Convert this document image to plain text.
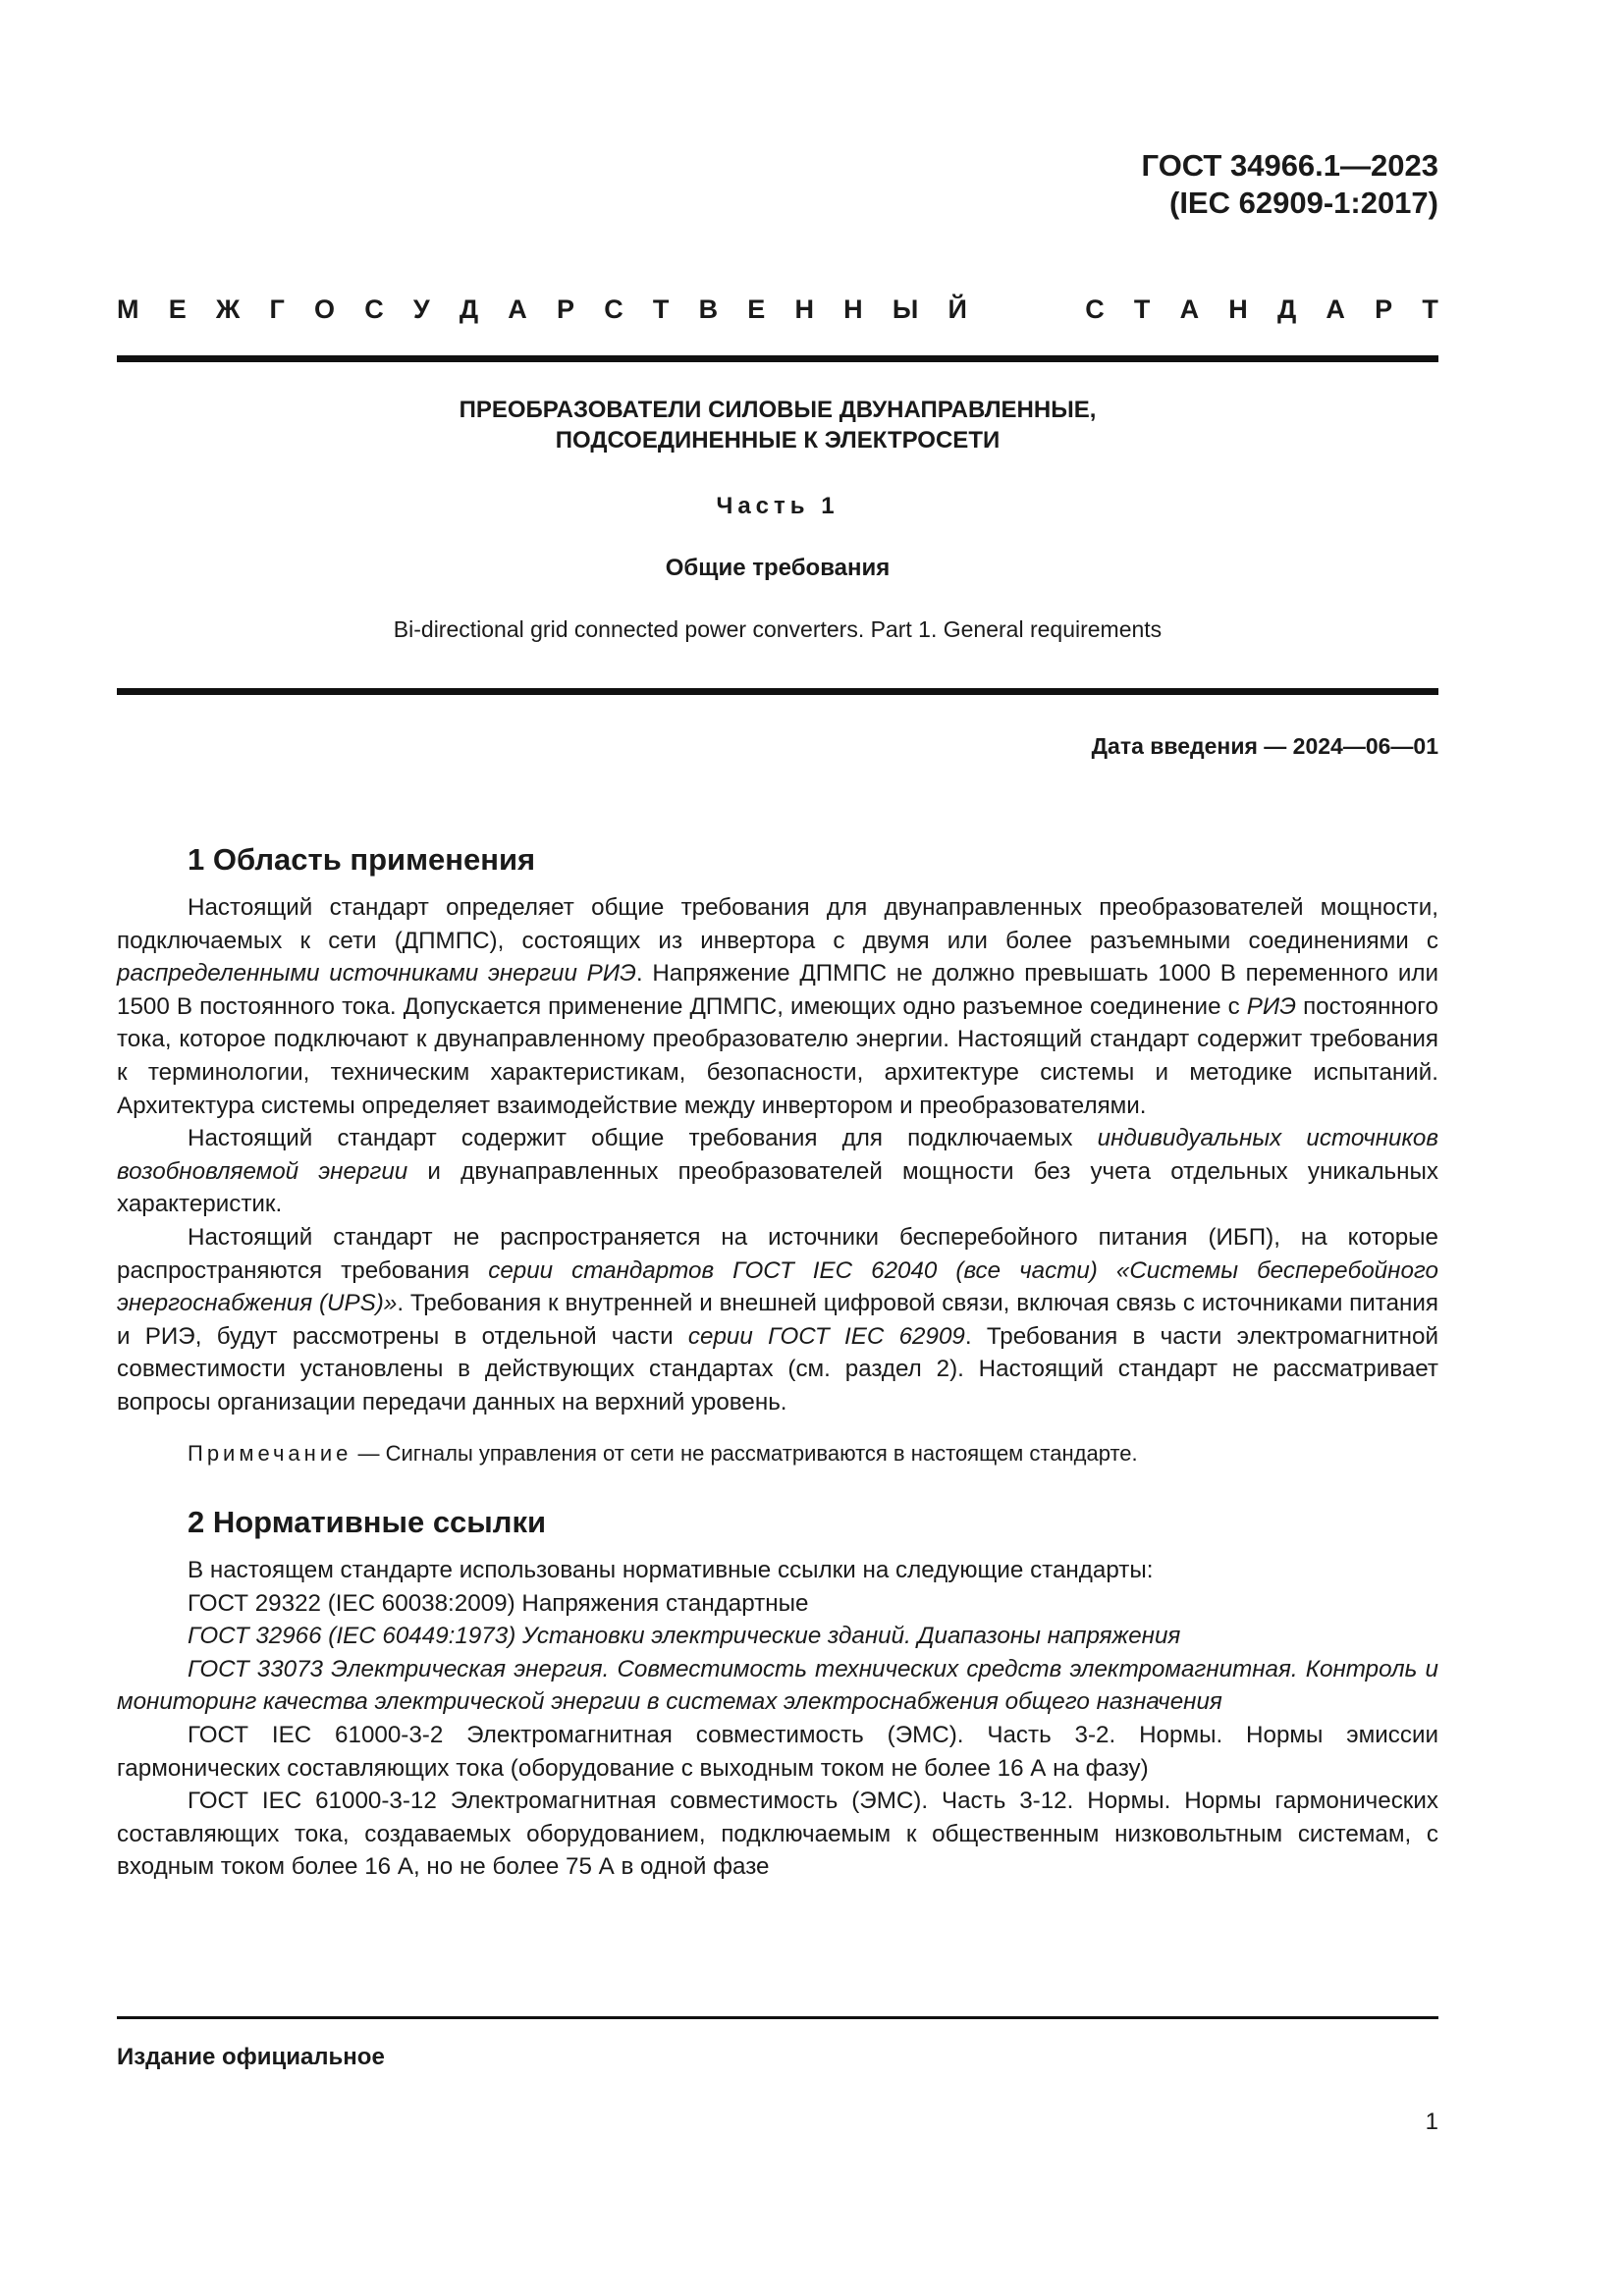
ГОСТ 34966.1—2023
(IEC 62909-1:2017)
М Е Ж Г О С У Д А Р С Т В Е Н Н Ы Й	С Т А Н Д А Р Т

ПРЕОБРАЗОВАТЕЛИ СИЛОВЫЕ ДВУНАПРАВЛЕННЫЕ,

ПОДСОЕДИНЕННЫЕ К ЭЛЕКТРОСЕТИ

Часть 1

Общие требования

Bi-directional grid connected power converters. Part 1. General requirements

Дата введения — 2024—06—01
1 Область применения

Настоящий стандарт определяет общие требования для двунаправленных преобразователей мощности, подключаемых к сети (ДПМПС), состоящих из инвертора с двумя или более разъемными соединениями с распределенными источниками энергии РИЭ. Напряжение ДПМПС не должно превышать 1000 В переменного или 1500 В постоянного тока. Допускается применение ДПМПС, имеющих одно разъемное соединение с РИЭ постоянного тока, которое подключают к двунаправленному преобразователю энергии. Настоящий стандарт содержит требования к терминологии, техническим характеристикам, безопасности, архитектуре системы и методике испытаний. Архитектура системы определяет взаимодействие между инвертором и преобразователями.

Настоящий стандарт содержит общие требования для подключаемых индивидуальных источников возобновляемой энергии и двунаправленных преобразователей мощности без учета отдельных уникальных характеристик.

Настоящий стандарт не распространяется на источники бесперебойного питания (ИБП), на которые распространяются требования серии стандартов ГОСТ IEC 62040 (все части) «Системы бесперебойного энергоснабжения (UPS)». Требования к внутренней и внешней цифровой связи, включая связь с источниками питания и РИЭ, будут рассмотрены в отдельной части серии ГОСТ IEC 62909. Требования в части электромагнитной совместимости установлены в действующих стандартах (см. раздел 2). Настоящий стандарт не рассматривает вопросы организации передачи данных на верхний уровень.

Примечание — Сигналы управления от сети не рассматриваются в настоящем стандарте.

2 Нормативные ссылки

В настоящем стандарте использованы нормативные ссылки на следующие стандарты:

ГОСТ 29322 (IEC 60038:2009) Напряжения стандартные

ГОСТ 32966 (IEC 60449:1973) Установки электрические зданий. Диапазоны напряжения

ГОСТ 33073 Электрическая энергия. Совместимость технических средств электромагнитная. Контроль и мониторинг качества электрической энергии в системах электроснабжения общего назначения

ГОСТ IEC 61000-3-2 Электромагнитная совместимость (ЭМС). Часть 3-2. Нормы. Нормы эмиссии гармонических составляющих тока (оборудование с выходным током не более 16 А на фазу)

ГОСТ IEC 61000-3-12 Электромагнитная совместимость (ЭМС). Часть 3-12. Нормы. Нормы гармонических составляющих тока, создаваемых оборудованием, подключаемым к общественным низковольтным системам, с входным током более 16 А, но не более 75 А в одной фазе

Издание официальное
1
